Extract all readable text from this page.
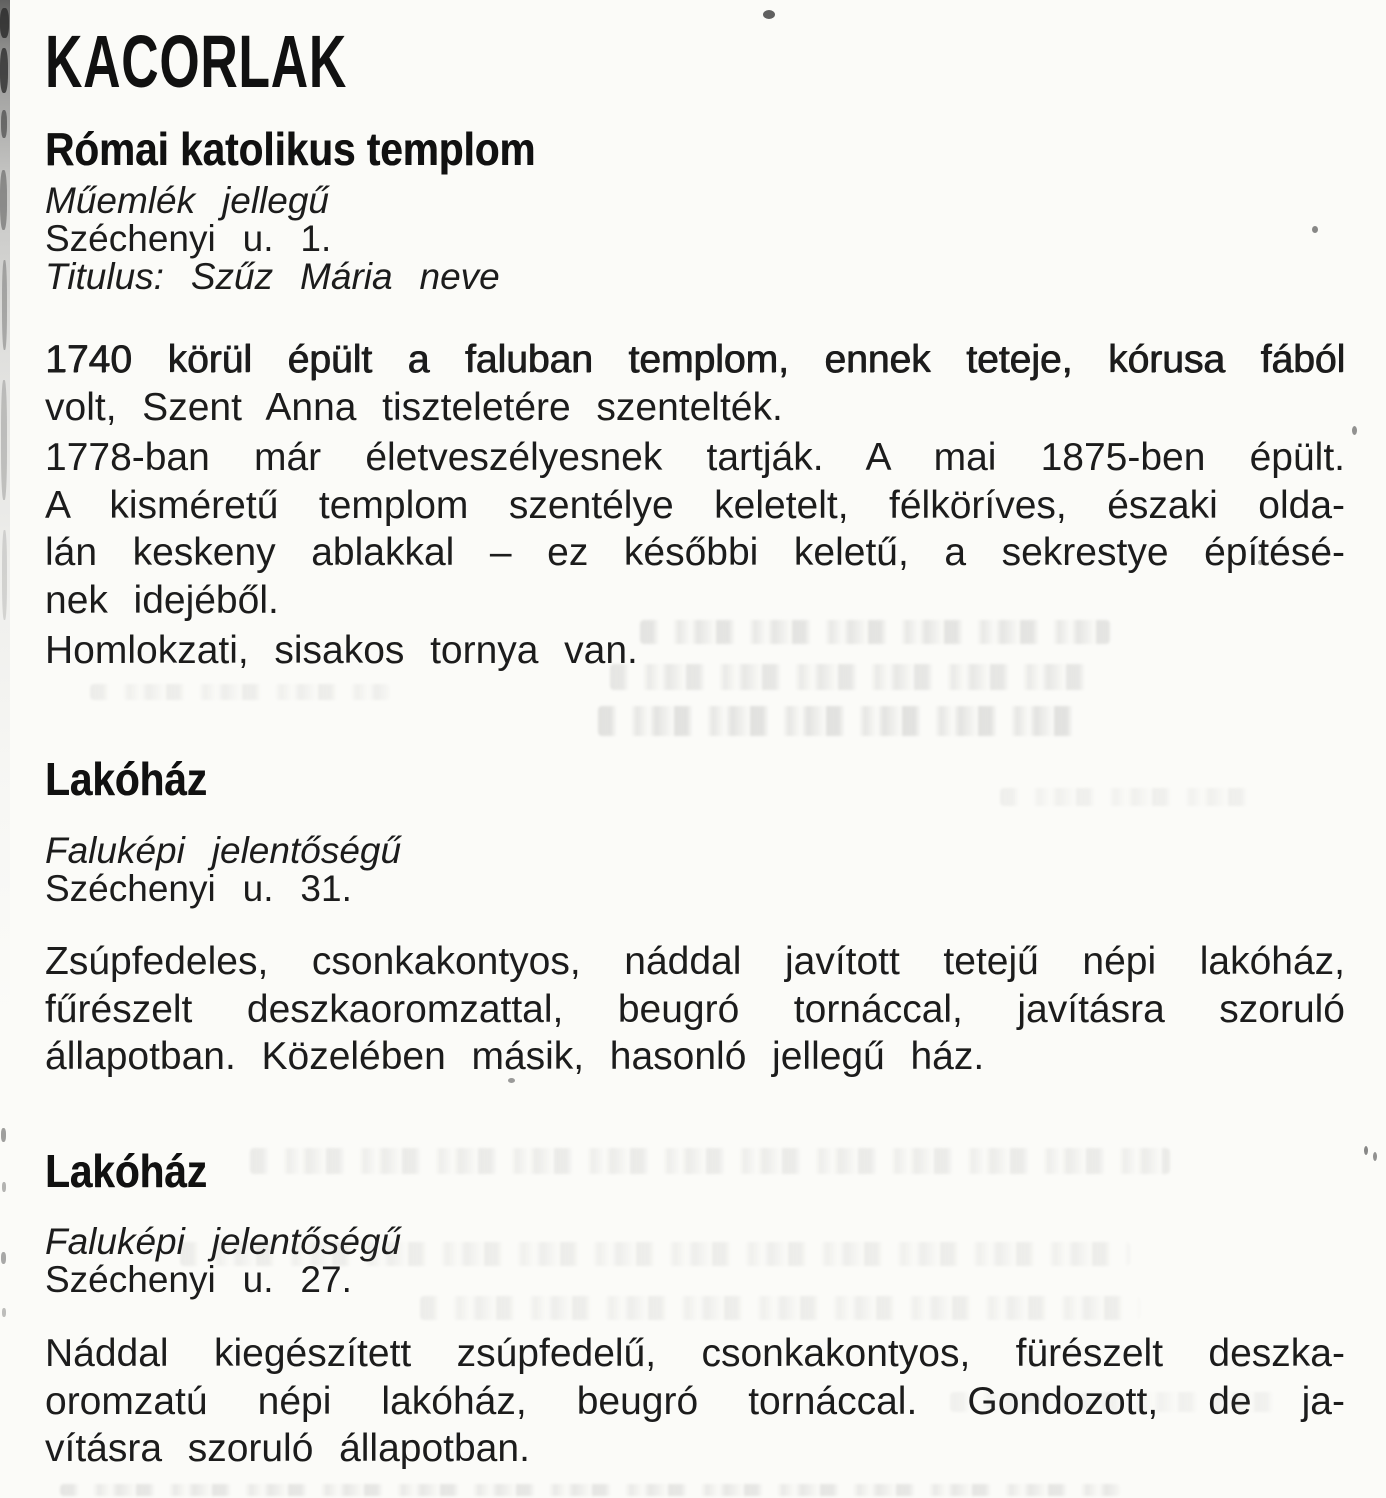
KACORLAK
Római katolikus templom

Műemlék jellegű

Széchenyi u. 1.

Titulus: Szűz Mária neve

1740 körül épült a faluban templom, ennek teteje, kórusa fából
volt, Szent Anna tiszteletére szentelték.
1778-ban már életveszélyesnek tartják. A mai 1875-ben épült.
A kisméretű templom szentélye keletelt, félköríves, északi olda-
lán keskeny ablakkal – ez későbbi keletű, a sekrestye építésé-
nek idejéből.
Homlokzati, sisakos tornya van.
Lakóház

Faluképi jelentőségű

Széchenyi u. 31.

Zsúpfedeles, csonkakontyos, náddal javított tetejű népi lakóház,
fűrészelt deszkaoromzattal, beugró tornáccal, javításra szoruló
állapotban. Közelében másik, hasonló jellegű ház.
Lakóház

Faluképi jelentőségű

Széchenyi u. 27.

Náddal kiegészített zsúpfedelű, csonkakontyos, fürészelt deszka-
oromzatú népi lakóház, beugró tornáccal. Gondozott, de ja-
vításra szoruló állapotban.
